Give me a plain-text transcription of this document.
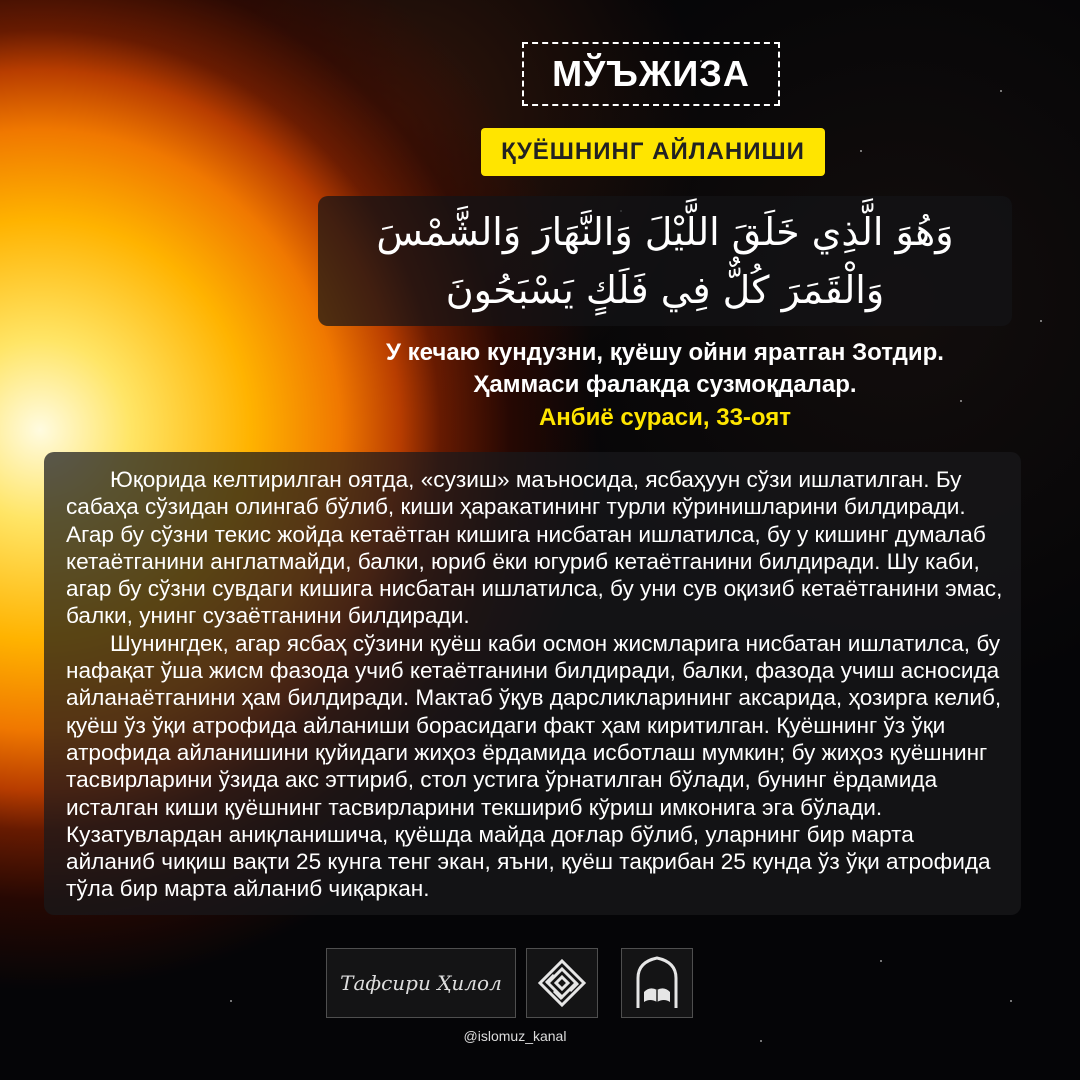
МЎЪЖИЗА
ҚУЁШНИНГ АЙЛАНИШИ
وَهُوَ الَّذِي خَلَقَ اللَّيْلَ وَالنَّهَارَ وَالشَّمْسَ وَالْقَمَرَ كُلٌّ فِي فَلَكٍ يَسْبَحُونَ
У кечаю кундузни, қуёшу ойни яратган Зотдир.
Ҳаммаси фалакда сузмоқдалар.
Анбиё сураси, 33-оят

Юқорида келтирилган оятда, «сузиш» маъносида, ясбаҳуун сўзи ишлатилган. Бу сабаҳа сўзидан олингаб бўлиб, киши ҳаракатининг турли кўринишларини билдиради. Агар бу сўзни текис жойда кетаётган кишига нисбатан ишлатилса, бу у кишинг думалаб кетаётганини англатмайди, балки, юриб ёки югуриб кетаётганини билдиради. Шу каби, агар бу сўзни сувдаги кишига нисбатан ишлатилса, бу уни сув оқизиб кетаётганини эмас, балки, унинг сузаётганини билдиради.

Шунингдек, агар ясбаҳ сўзини қуёш каби осмон жисмларига нисбатан ишлатилса, бу нафақат ўша жисм фазода учиб кетаётганини билдиради, балки, фазода учиш асносида айланаётганини ҳам билдиради. Мактаб ўқув дарсликларининг аксарида, ҳозирга келиб, қуёш ўз ўқи атрофида айланиши борасидаги факт ҳам киритилган. Қуёшнинг ўз ўқи атрофида айланишини қуйидаги жиҳоз ёрдамида исботлаш мумкин; бу жиҳоз қуёшнинг тасвирларини ўзида акс эттириб, стол устига ўрнатилган бўлади, бунинг ёрдамида исталган киши қуёшнинг тасвирларини текшириб кўриш имконига эга бўлади. Кузатувлардан аниқланишича, қуёшда майда доғлар бўлиб, уларнинг бир марта айланиб чиқиш вақти 25 кунга тенг экан, яъни, қуёш тақрибан 25 кунда ўз ўқи атрофида тўла бир марта айланиб чиқаркан.

Тафсири Ҳилол
@islomuz_kanal
